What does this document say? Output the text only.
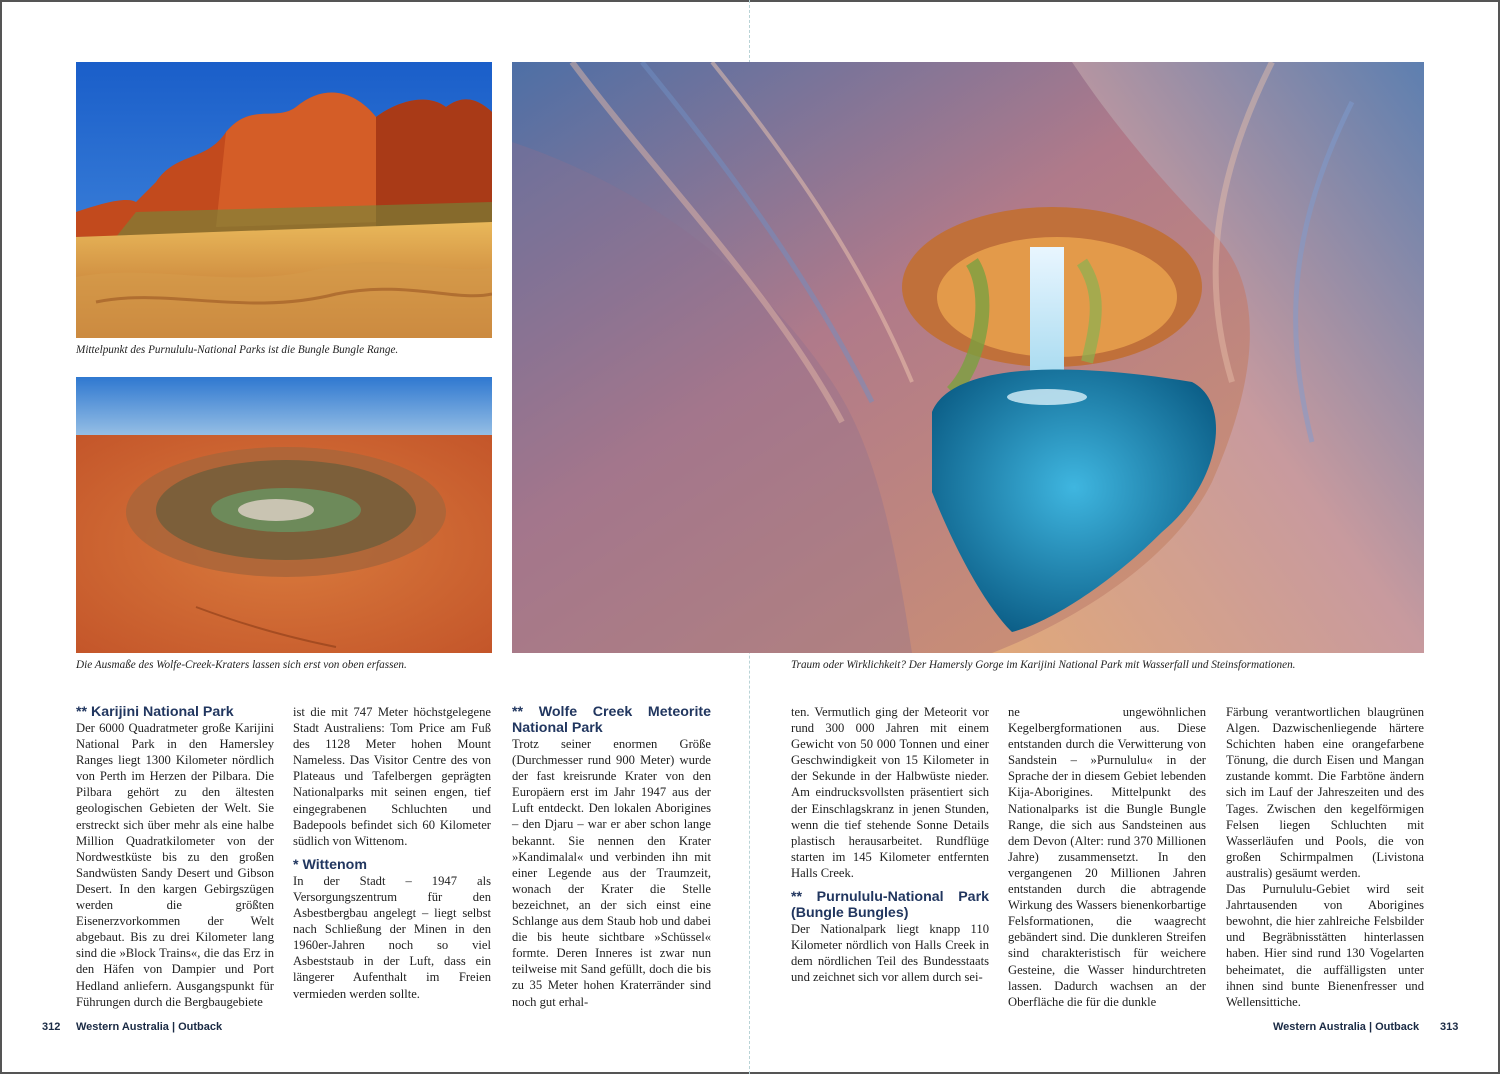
Mittelpunkt des Purnululu-National Parks ist die Bungle Bungle Range.
Die Ausmaße des Wolfe-Creek-Kraters lassen sich erst von oben erfassen.	Traum oder Wirklichkeit? Der Hamersly Gorge im Karijini National Park mit Wasserfall und Steinsformationen.
** Karijini National Park

Der 6000 Quadratmeter große Karijini National Park in den Hamersley Ranges liegt 1300 Kilometer nördlich von Perth im Herzen der Pilbara. Die Pilbara gehört zu den ältesten geologischen Gebieten der Welt. Sie erstreckt sich über mehr als eine halbe Million Quadratkilometer von der Nordwestküste bis zu den großen Sandwüsten Sandy Desert und Gibson Desert. In den kargen Gebirgszügen werden die größten Eisenerzvorkommen der Welt abgebaut. Bis zu drei Kilometer lang sind die »Block Trains«, die das Erz in den Häfen von Dampier und Port Hedland anliefern. Ausgangspunkt für Führungen durch die Bergbaugebiete

ist die mit 747 Meter höchstgelegene Stadt Australiens: Tom Price am Fuß des 1128 Meter hohen Mount Nameless. Das Visitor Centre des von Plateaus und Tafelbergen geprägten Nationalparks mit seinen engen, tief eingegrabenen Schluchten und Badepools befindet sich 60 Kilometer südlich von Wittenom.

* Wittenom

In der Stadt – 1947 als Versorgungszentrum für den Asbestbergbau angelegt – liegt selbst nach Schließung der Minen in den 1960er-Jahren noch so viel Asbeststaub in der Luft, dass ein längerer Aufenthalt im Freien vermieden werden sollte.

** Wolfe Creek Meteorite National Park

Trotz seiner enormen Größe (Durchmesser rund 900 Meter) wurde der fast kreisrunde Krater von den Europäern erst im Jahr 1947 aus der Luft entdeckt. Den lokalen Aborigines – den Djaru – war er aber schon lange bekannt. Sie nennen den Krater »Kandimalal« und verbinden ihn mit einer Legende aus der Traumzeit, wonach der Krater die Stelle bezeichnet, an der sich einst eine Schlange aus dem Staub hob und dabei die bis heute sichtbare »Schüssel« formte. Deren Inneres ist zwar nun teilweise mit Sand gefüllt, doch die bis zu 35 Meter hohen Kraterränder sind noch gut erhal-

ten. Vermutlich ging der Meteorit vor rund 300 000 Jahren mit einem Gewicht von 50 000 Tonnen und einer Geschwindigkeit von 15 Kilometer in der Sekunde in der Halbwüste nieder. Am eindrucksvollsten präsentiert sich der Einschlagskranz in jenen Stunden, wenn die tief stehende Sonne Details plastisch herausarbeitet. Rundflüge starten im 145 Kilometer entfernten Halls Creek.

** Purnululu-National Park (Bungle Bungles)

Der Nationalpark liegt knapp 110 Kilometer nördlich von Halls Creek in dem nördlichen Teil des Bundesstaats und zeichnet sich vor allem durch sei-

ne ungewöhnlichen Kegelbergformationen aus. Diese entstanden durch die Verwitterung von Sandstein – »Purnululu« in der Sprache der in diesem Gebiet lebenden Kija-Aborigines. Mittelpunkt des Nationalparks ist die Bungle Bungle Range, die sich aus Sandsteinen aus dem Devon (Alter: rund 370 Millionen Jahre) zusammensetzt. In den vergangenen 20 Millionen Jahren entstanden durch die abtragende Wirkung des Wassers bienenkorbartige Felsformationen, die waagrecht gebändert sind. Die dunkleren Streifen sind charakteristisch für weichere Gesteine, die Wasser hindurchtreten lassen. Dadurch wachsen an der Oberfläche die für die dunkle

Färbung verantwortlichen blaugrünen Algen. Dazwischenliegende härtere Schichten haben eine orangefarbene Tönung, die durch Eisen und Mangan zustande kommt. Die Farbtöne ändern sich im Lauf der Jahreszeiten und des Tages. Zwischen den kegelförmigen Felsen liegen Schluchten mit Wasserläufen und Pools, die von großen Schirmpalmen (Livistona australis) gesäumt werden.

Das Purnululu-Gebiet wird seit Jahrtausenden von Aborigines bewohnt, die hier zahlreiche Felsbilder und Begräbnisstätten hinterlassen haben. Hier sind rund 130 Vogelarten beheimatet, die auffälligsten unter ihnen sind bunte Bienenfresser und Wellensittiche.

312 Western Australia | Outback	Western Australia | Outback 313
